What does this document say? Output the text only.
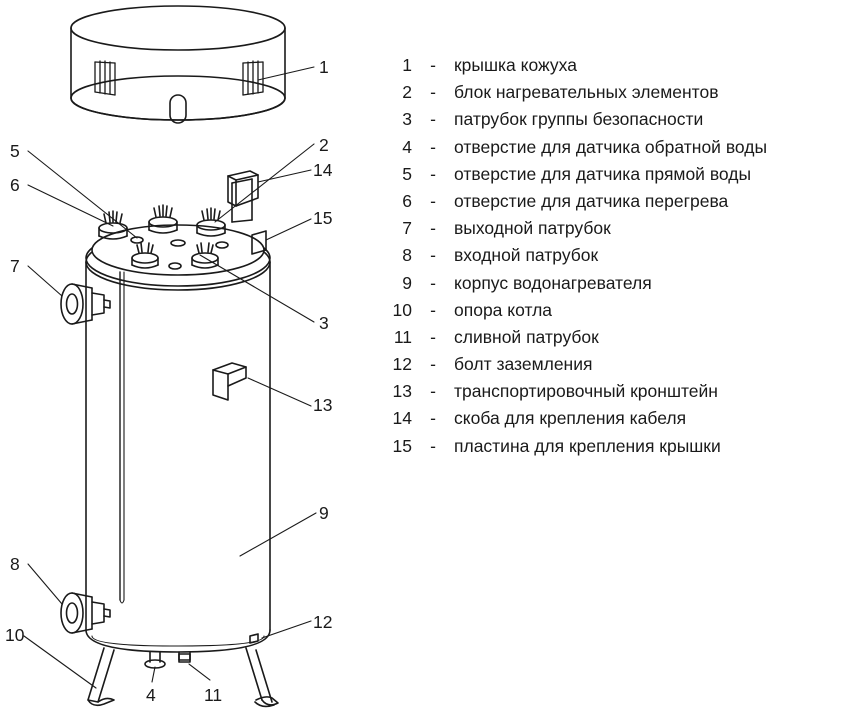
1
2
5
14
6
15
3
7
13
9
8
12
10
4	11
1	-	крышка кожуха
2	-	блок нагревательных элементов
3	-	патрубок группы безопасности
4	-	отверстие для датчика обратной воды
5	-	отверстие для датчика прямой воды
6	-	отверстие для датчика перегрева
7	-	выходной патрубок
8	-	входной патрубок
9	-	корпус водонагревателя
10	-	опора котла
11	-	сливной патрубок
12	-	болт заземления
13	-	транспортировочный кронштейн
14	-	скоба для крепления кабеля
15	-	пластина для крепления крышки
